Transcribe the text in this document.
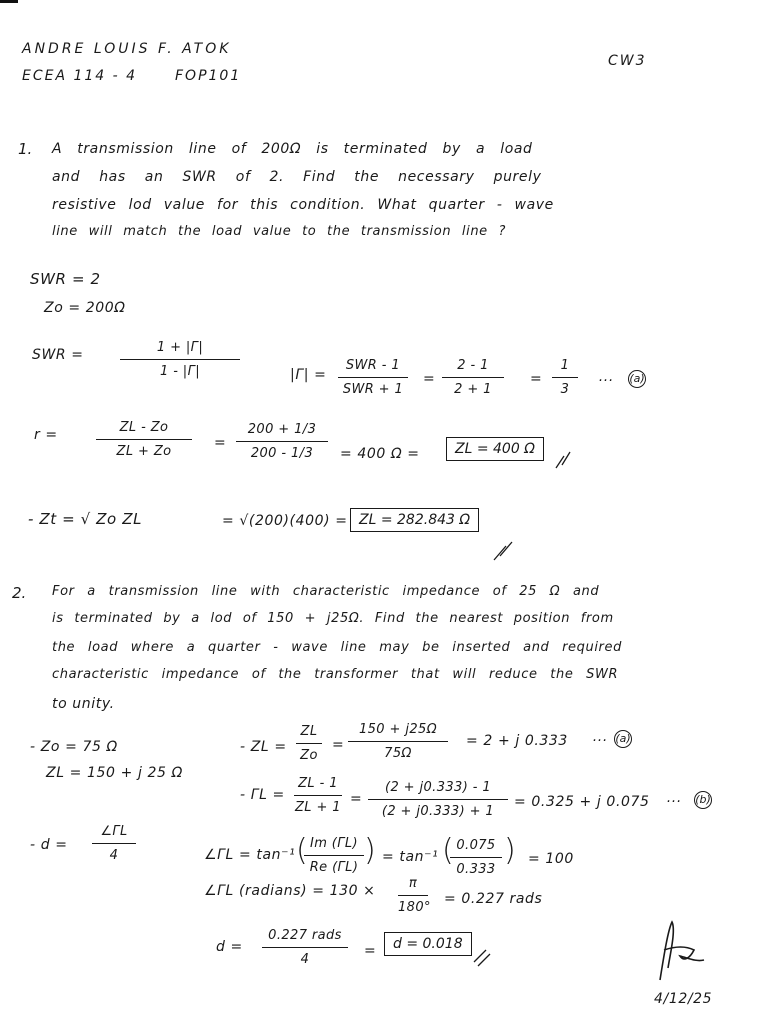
ANDRE LOUIS F. ATOK
ECEA 114 - 4	FOP101
CW3
1. A transmission line of 200Ω is terminated by a load
and has an SWR of 2. Find the necessary purely
resistive lod value for this condition. What quarter - wave
line will match the load value to the transmission line ?
SWR = 2
Zo = 200Ω
SWR =	1 + |Γ|
1 - |Γ|	|Γ| =
SWR - 1
SWR + 1
=
2 - 1
2 + 1
=
1
3
··· (a)
r =	ZL - Zo
ZL + Zo
=
200 + 1/3
200 - 1/3	= 400 Ω =	ZL = 400 Ω
- Zt = √ Zo ZL	= √(200)(400) = ZL = 282.843 Ω
2. For a transmission line with characteristic impedance of 25 Ω and
is terminated by a lod of 150 + j25Ω. Find the nearest position from
the load where a quarter - wave line may be inserted and required
characteristic impedance of the transformer that will reduce the SWR
to unity.
- Zo = 75 Ω
ZL = 150 + j 25 Ω
- ZL =
ZL
Zo
=
150 + j25Ω
75Ω
= 2 + j 0.333 ··· (a)
- ΓL =
ZL - 1
ZL + 1
=
(2 + j0.333) - 1
(2 + j0.333) + 1
= 0.325 + j 0.075 ··· (b)
- d =
∠ΓL
4	∠ΓL = tan⁻¹ ( Im (ΓL)
Re (ΓL) ) = tan⁻¹ ( 0.075
0.333
) = 100
∠ΓL (radians) = 130 ×	π
180°
= 0.227 rads
d =
0.227 rads
4
=	d = 0.018
4/12/25
